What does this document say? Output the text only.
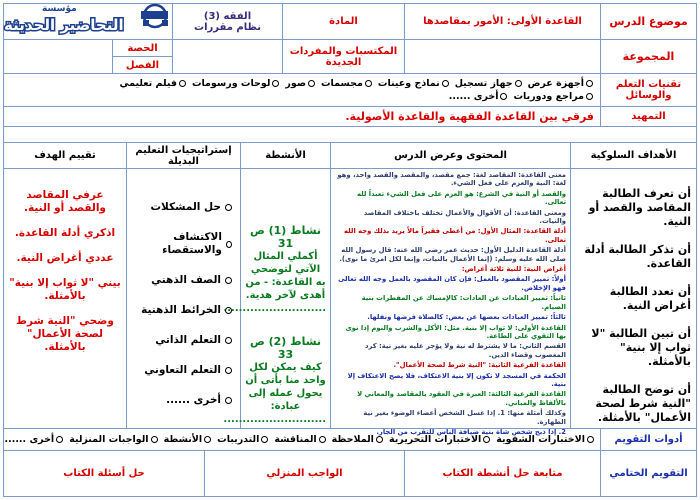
موضوع الدرس
القاعدة الأولى: الأمور بمقاصدها
المادة
الفقه (3)
نظام مقررات
المجموعة
المكتسبات والمفردات الجديدة
الحصة
الفصل
تقنيات التعلم والوسائل
أجهزة عرض
جهاز تسجيل
نماذج وعينات
مجسمات
صور
لوحات ورسومات
فيلم تعليمي
مراجع ودوريات
أخرى ......
التمهيد
فرقي بين القاعدة الفقهية والقاعدة الأصولية.
الأهداف السلوكية
المحتوى وعرض الدرس
الأنشطة
إستراتيجيات التعليم البديلة
تقييم الهدف
أن تعرف الطالبة المقاصد والقصد أو النية.
أن تذكر الطالبة أدلة القاعدة.
أن تعدد الطالبة أغراض النية.
أن تبين الطالبة "لا ثواب إلا بنية" بالأمثلة.
أن توضح الطالبة "النية شرط لصحة الأعمال" بالأمثلة.
معنى القاعدة: المقاصد لغة: جمع مقصد، والمقصد والقصد واحد، وهو لغة: النية والعزم على فعل الشيء.
والقصد أو النية في الشرع: هو العزم على فعل الشيء تعبداً لله تعالى.
ومعنى القاعدة: أن الأقوال والأعمال تختلف باختلاف المقاصد والنيات.
أدلة القاعدة: المثال الأول: من أعطى فقيراً مالاً يريد بذلك وجه الله تعالى.
أدلة القاعدة الدليل الأول: حديث عمر رضي الله عنه: قال رسول الله صلى الله عليه وسلم: (إنما الأعمال بالنيات، وإنما لكل امرئ ما نوى).
أغراض النية: للنية ثلاثة أغراض:
أولاً: تمييز المقصود بالعمل: فإن كان المقصود بالعمل وجه الله تعالى فهو الإخلاص.
ثانياً: تمييز العبادات عن العادات: كالإمساك عن المفطرات بنية الصيام.
ثالثاً: تمييز العبادات بعضها عن بعض: كالصلاة فرضها ونفلها.
القاعدة الأولى: لا ثواب إلا بنية. مثل: الأكل والشرب والنوم إذا نوى بها التقوي على الطاعة.
القسم الثاني: ما لا يشترط له نية ولا يؤجر عليه بغير نية: كرد المغصوب وقضاء الدين.
القاعدة الفرعية الثانية: "النية شرط لصحة الأعمال".
الحكمة في المسجد لا تكون إلا بنية الاعتكاف، فلا يصح الاعتكاف إلا بنية.
القاعدة الفرعية الثالثة: العبرة في العقود بالمقاصد والمعاني لا بالألفاظ والمباني.
وكذلك أمثلة منها: 1. إذا غسل الشخص أعضاء الوضوء بغير نية الطهارة.
2. إذا ذبح شخص شاة بنية ضيافة الناس للتقرب من الجار.
نشاط (1) ص 31
أكملي المثال الآتي لتوضحي به القاعدة: - من أهدى لآخر هدية. ...........................
نشاط (2) ص 33
كيف يمكن لكل واحد منا بأتى أن يحول عمله إلى عبادة: ...........................
حل المشكلات
الاكتشاف والاستقصاء
الصف الذهني
الخرائط الذهنية
التعلم الذاتي
التعلم التعاوني
أخرى ......
عرفي المقاصد والقصد أو النية.
اذكري أدلة القاعدة.
عددي أغراض النية.
بيني "لا ثواب إلا بنية" بالأمثلة.
وضحي "النية شرط لصحة الأعمال" بالأمثلة.
أدوات التقويم
الاختبارات الشفوية
الاختبارات التحريرية
الملاحظة
المناقشة
التدريبات
الأنشطة
الواجبات المنزلية
أخرى ......
التقويم الختامي
متابعة حل أنشطة الكتاب
الواجب المنزلي
حل أسئلة الكتاب
مؤسسة
التحاضير الحديثة
